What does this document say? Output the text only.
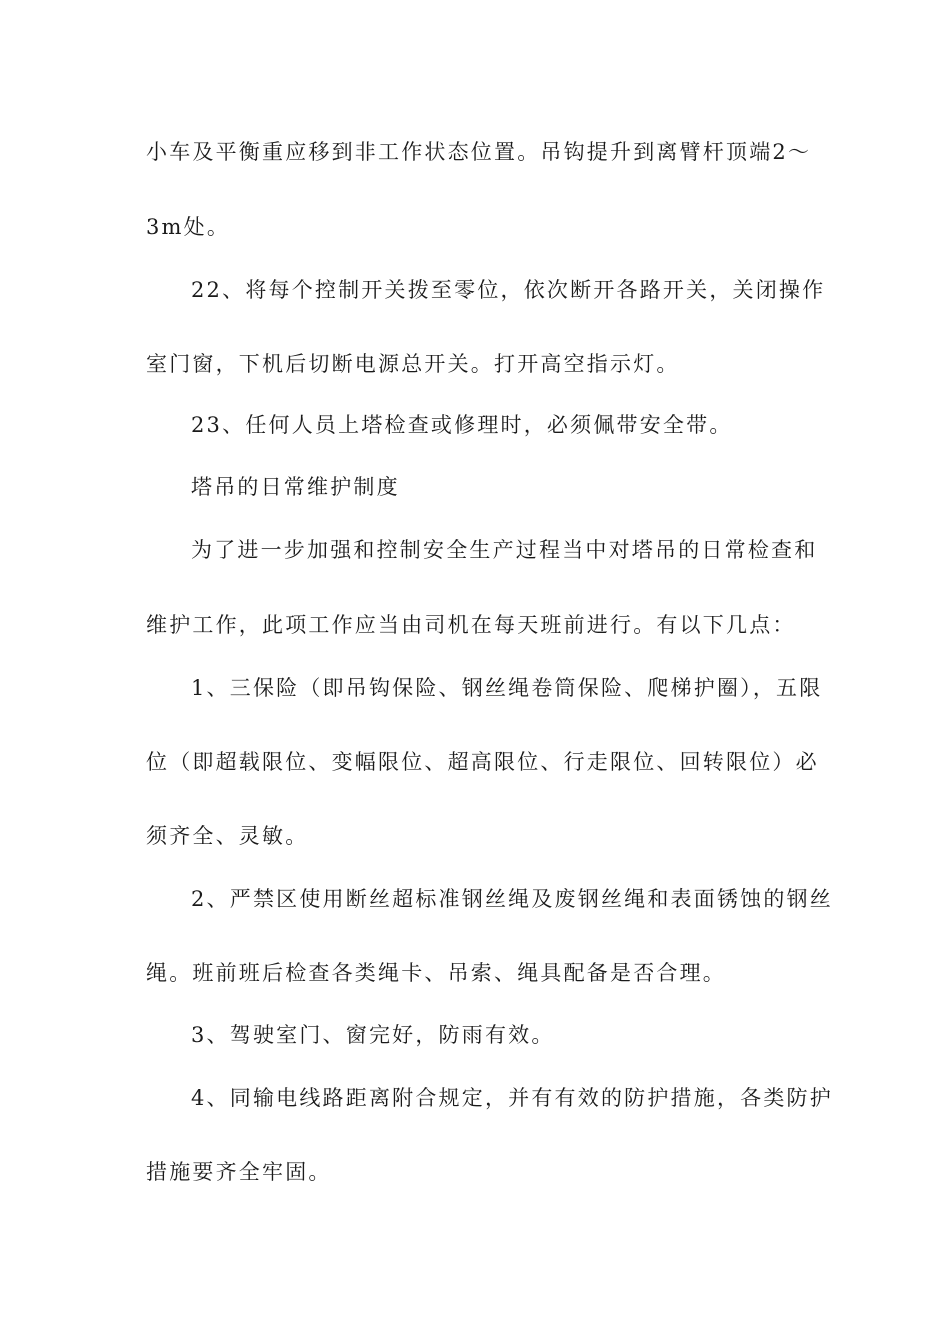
小车及平衡重应移到非工作状态位置。吊钩提升到离臂杆顶端2～
3m处。
22、将每个控制开关拨至零位，依次断开各路开关，关闭操作
室门窗，下机后切断电源总开关。打开高空指示灯。
23、任何人员上塔检查或修理时，必须佩带安全带。
塔吊的日常维护制度
为了进一步加强和控制安全生产过程当中对塔吊的日常检查和
维护工作，此项工作应当由司机在每天班前进行。有以下几点：
1、三保险（即吊钩保险、钢丝绳卷筒保险、爬梯护圈），五限
位（即超载限位、变幅限位、超高限位、行走限位、回转限位）必
须齐全、灵敏。
2、严禁区使用断丝超标准钢丝绳及废钢丝绳和表面锈蚀的钢丝
绳。班前班后检查各类绳卡、吊索、绳具配备是否合理。
3、驾驶室门、窗完好，防雨有效。
4、同输电线路距离附合规定，并有有效的防护措施，各类防护
措施要齐全牢固。
